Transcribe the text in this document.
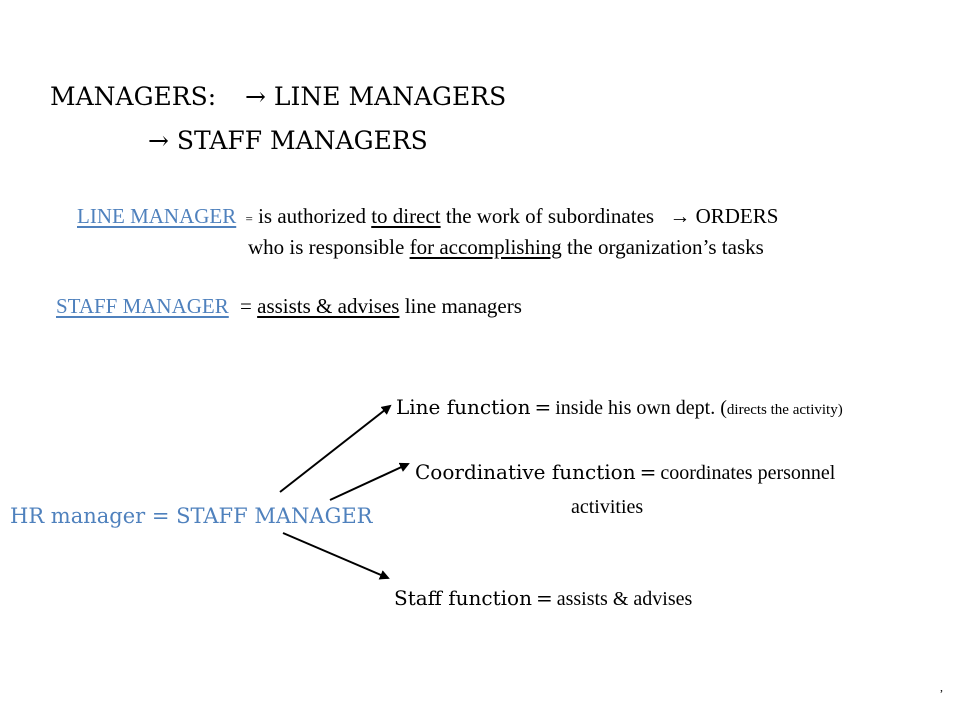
MANAGERS: → LINE MANAGERS
→ STAFF MANAGERS
LINE MANAGER = is authorized to direct the work of subordinates → ORDERS
who is responsible for accomplishing the organization’s tasks
STAFF MANAGER = assists & advises line managers
HR manager = STAFF MANAGER
Line function = inside his own dept. (directs the activity)
Coordinative function = coordinates personnel
activities
Staff function = assists & advises
,
